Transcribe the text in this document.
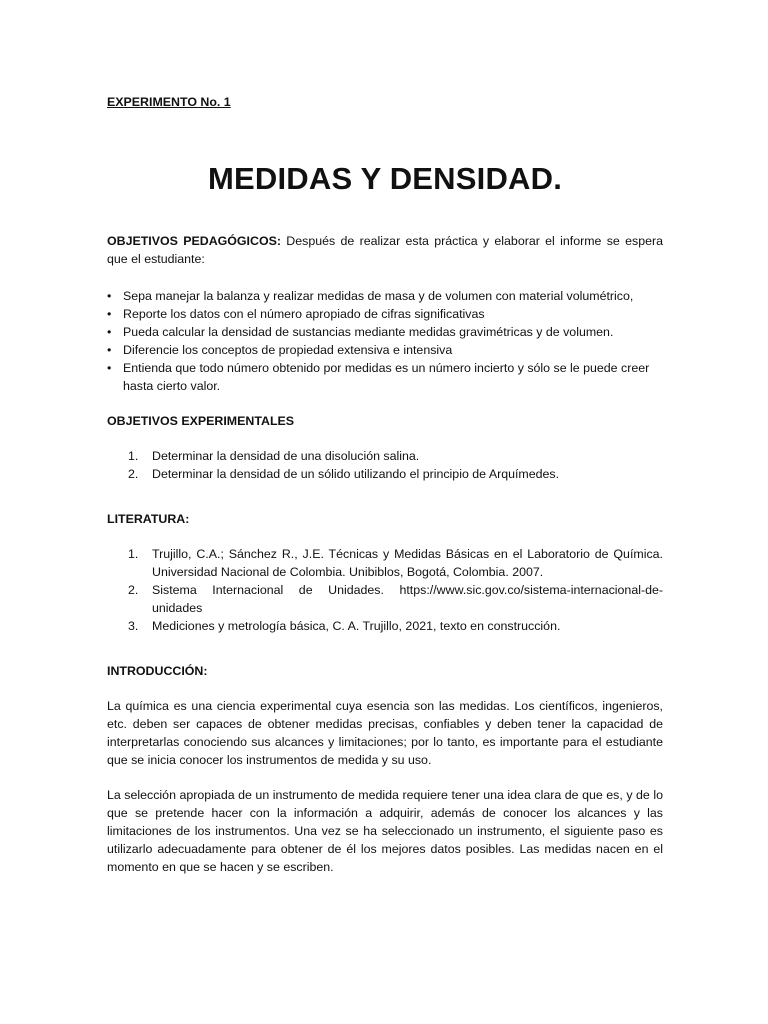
EXPERIMENTO No. 1

MEDIDAS Y DENSIDAD.

OBJETIVOS PEDAGÓGICOS: Después de realizar esta práctica y elaborar el informe se espera que el estudiante:

• Sepa manejar la balanza y realizar medidas de masa y de volumen con material volumétrico,
• Reporte los datos con el número apropiado de cifras significativas
• Pueda calcular la densidad de sustancias mediante medidas gravimétricas y de volumen.
• Diferencie los conceptos de propiedad extensiva e intensiva
• Entienda que todo número obtenido por medidas es un número incierto y sólo se le puede creer hasta cierto valor.

OBJETIVOS EXPERIMENTALES

1. Determinar la densidad de una disolución salina.
2. Determinar la densidad de un sólido utilizando el principio de Arquímedes.

LITERATURA:

1. Trujillo, C.A.; Sánchez R., J.E. Técnicas y Medidas Básicas en el Laboratorio de Química. Universidad Nacional de Colombia. Unibiblos, Bogotá, Colombia. 2007.
2. Sistema Internacional de Unidades. https://www.sic.gov.co/sistema-internacional-de-unidades
3. Mediciones y metrología básica, C. A. Trujillo, 2021, texto en construcción.

INTRODUCCIÓN:

La química es una ciencia experimental cuya esencia son las medidas. Los científicos, ingenieros, etc. deben ser capaces de obtener medidas precisas, confiables y deben tener la capacidad de interpretarlas conociendo sus alcances y limitaciones; por lo tanto, es importante para el estudiante que se inicia conocer los instrumentos de medida y su uso.

La selección apropiada de un instrumento de medida requiere tener una idea clara de que es, y de lo que se pretende hacer con la información a adquirir, además de conocer los alcances y las limitaciones de los instrumentos. Una vez se ha seleccionado un instrumento, el siguiente paso es utilizarlo adecuadamente para obtener de él los mejores datos posibles. Las medidas nacen en el momento en que se hacen y se escriben.
